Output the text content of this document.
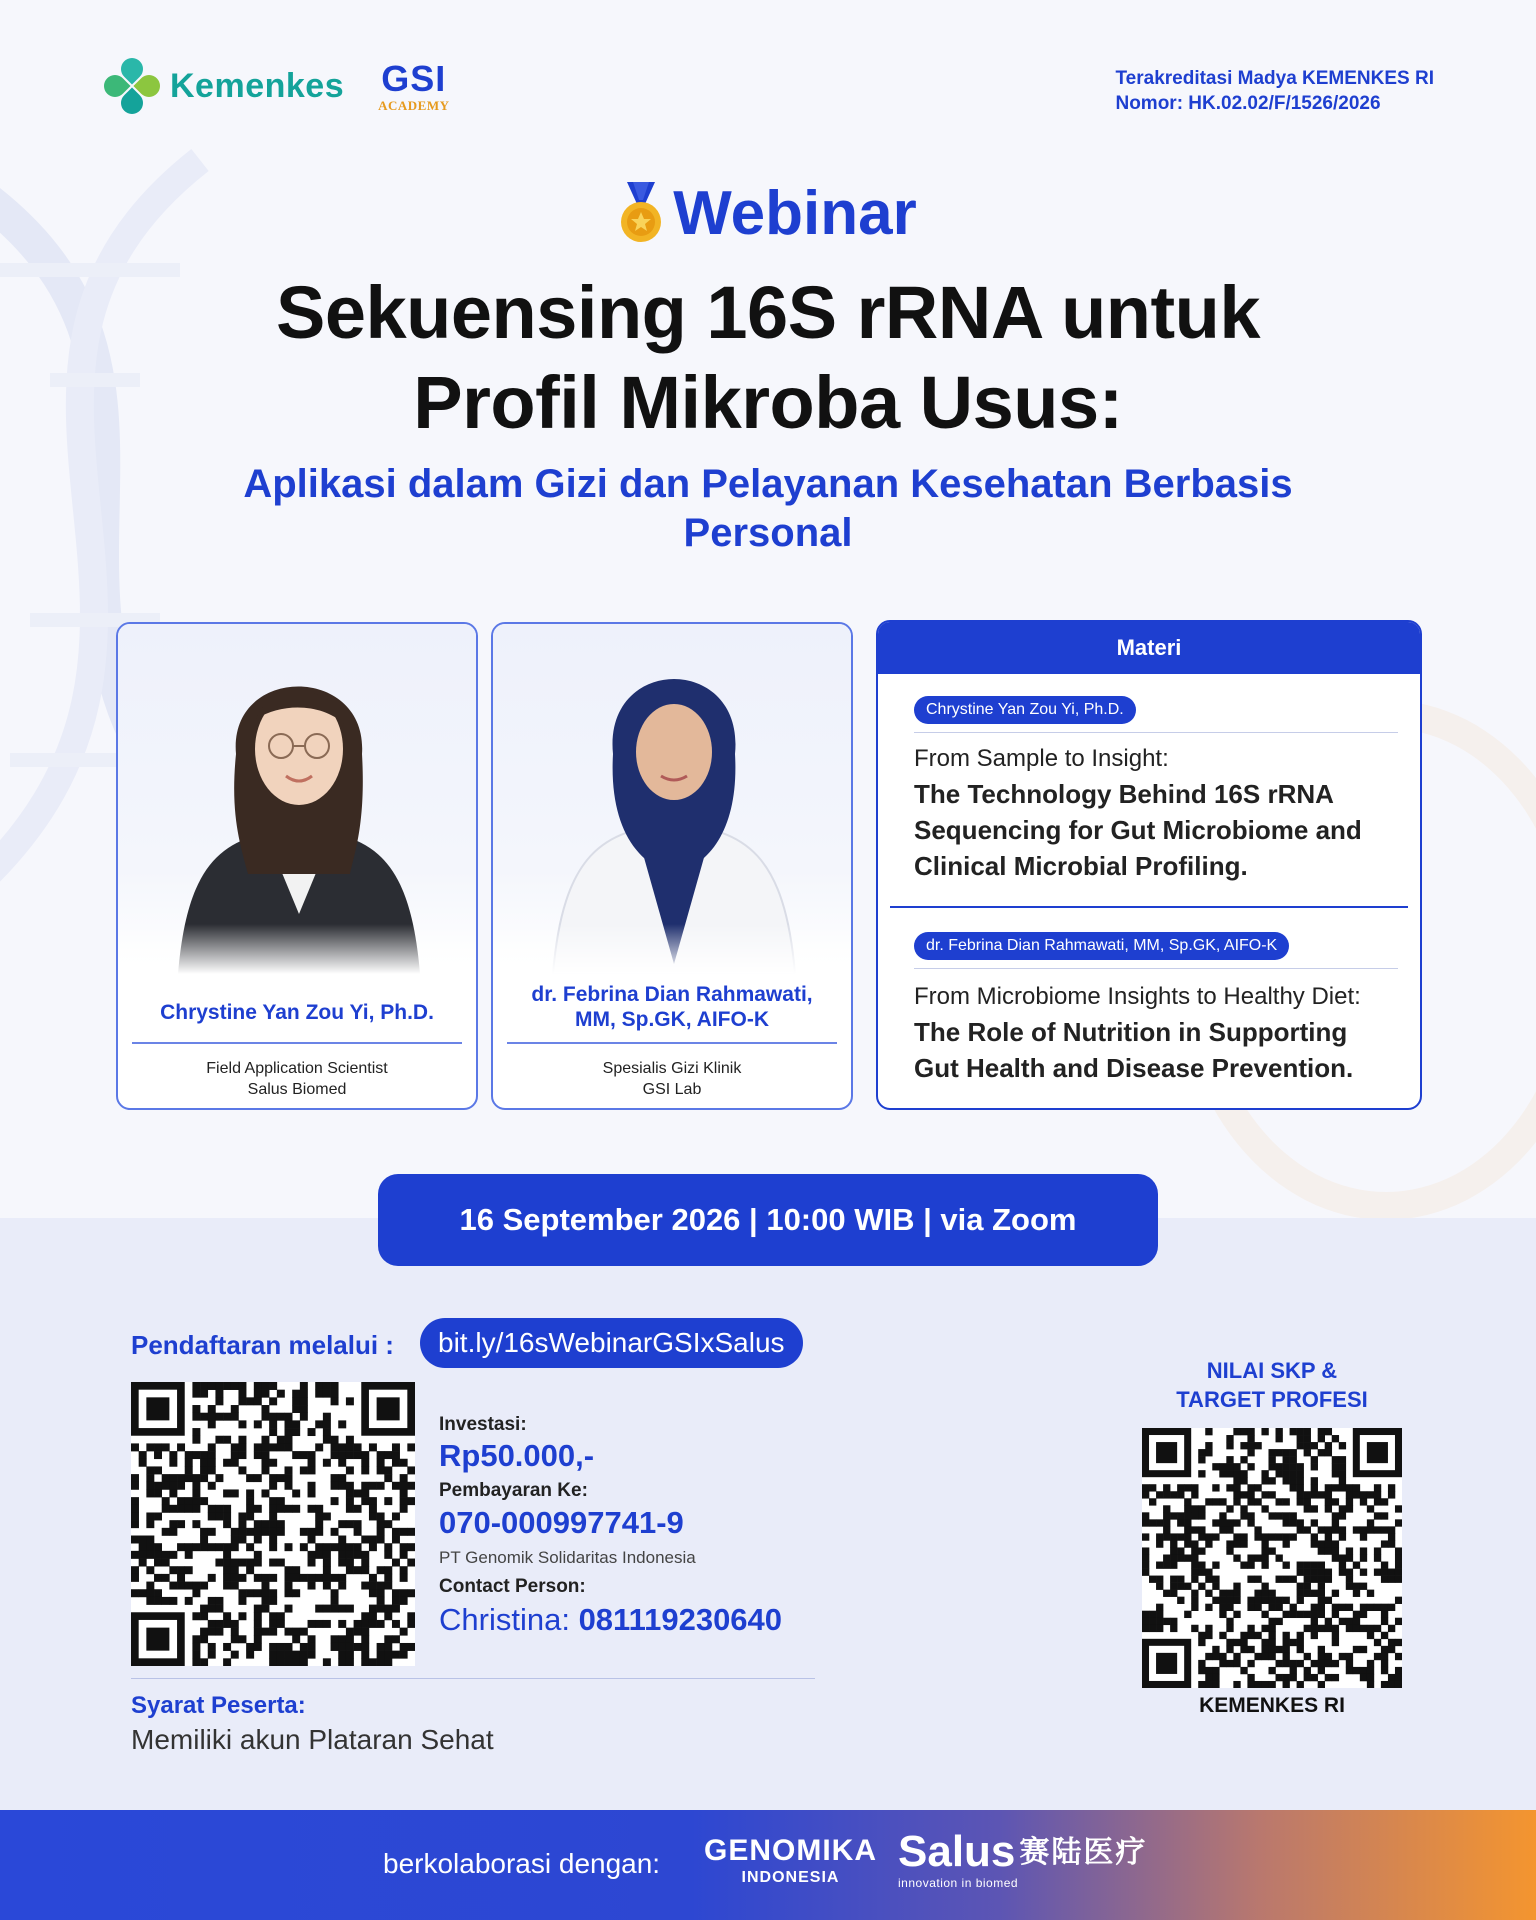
Kemenkes GSI
ACADEMY
Terakreditasi Madya KEMENKES RI
Nomor: HK.02.02/F/1526/2026
Webinar
Sekuensing 16S rRNA untuk
Profil Mikroba Usus:
Aplikasi dalam Gizi dan Pelayanan Kesehatan Berbasis
Personal
Chrystine Yan Zou Yi, Ph.D.
Field Application Scientist
Salus Biomed
dr. Febrina Dian Rahmawati,
MM, Sp.GK, AIFO-K
Spesialis Gizi Klinik
GSI Lab
Materi
Chrystine Yan Zou Yi, Ph.D.
From Sample to Insight:
The Technology Behind 16S rRNA
Sequencing for Gut Microbiome and
Clinical Microbial Profiling.
dr. Febrina Dian Rahmawati, MM, Sp.GK, AIFO-K
From Microbiome Insights to Healthy Diet:
The Role of Nutrition in Supporting
Gut Health and Disease Prevention.
16 September 2026 | 10:00 WIB | via Zoom
Pendaftaran melalui :	bit.ly/16sWebinarGSIxSalus
Investasi:
Rp50.000,-
Pembayaran Ke:
070-000997741-9
PT Genomik Solidaritas Indonesia
Contact Person:
Christina: 081119230640
Syarat Peserta:
Memiliki akun Plataran Sehat
NILAI SKP &
TARGET PROFESI
KEMENKES RI
berkolaborasi dengan: GENOMIKA
INDONESIA
Salus 赛陆医疗
innovation in biomed
